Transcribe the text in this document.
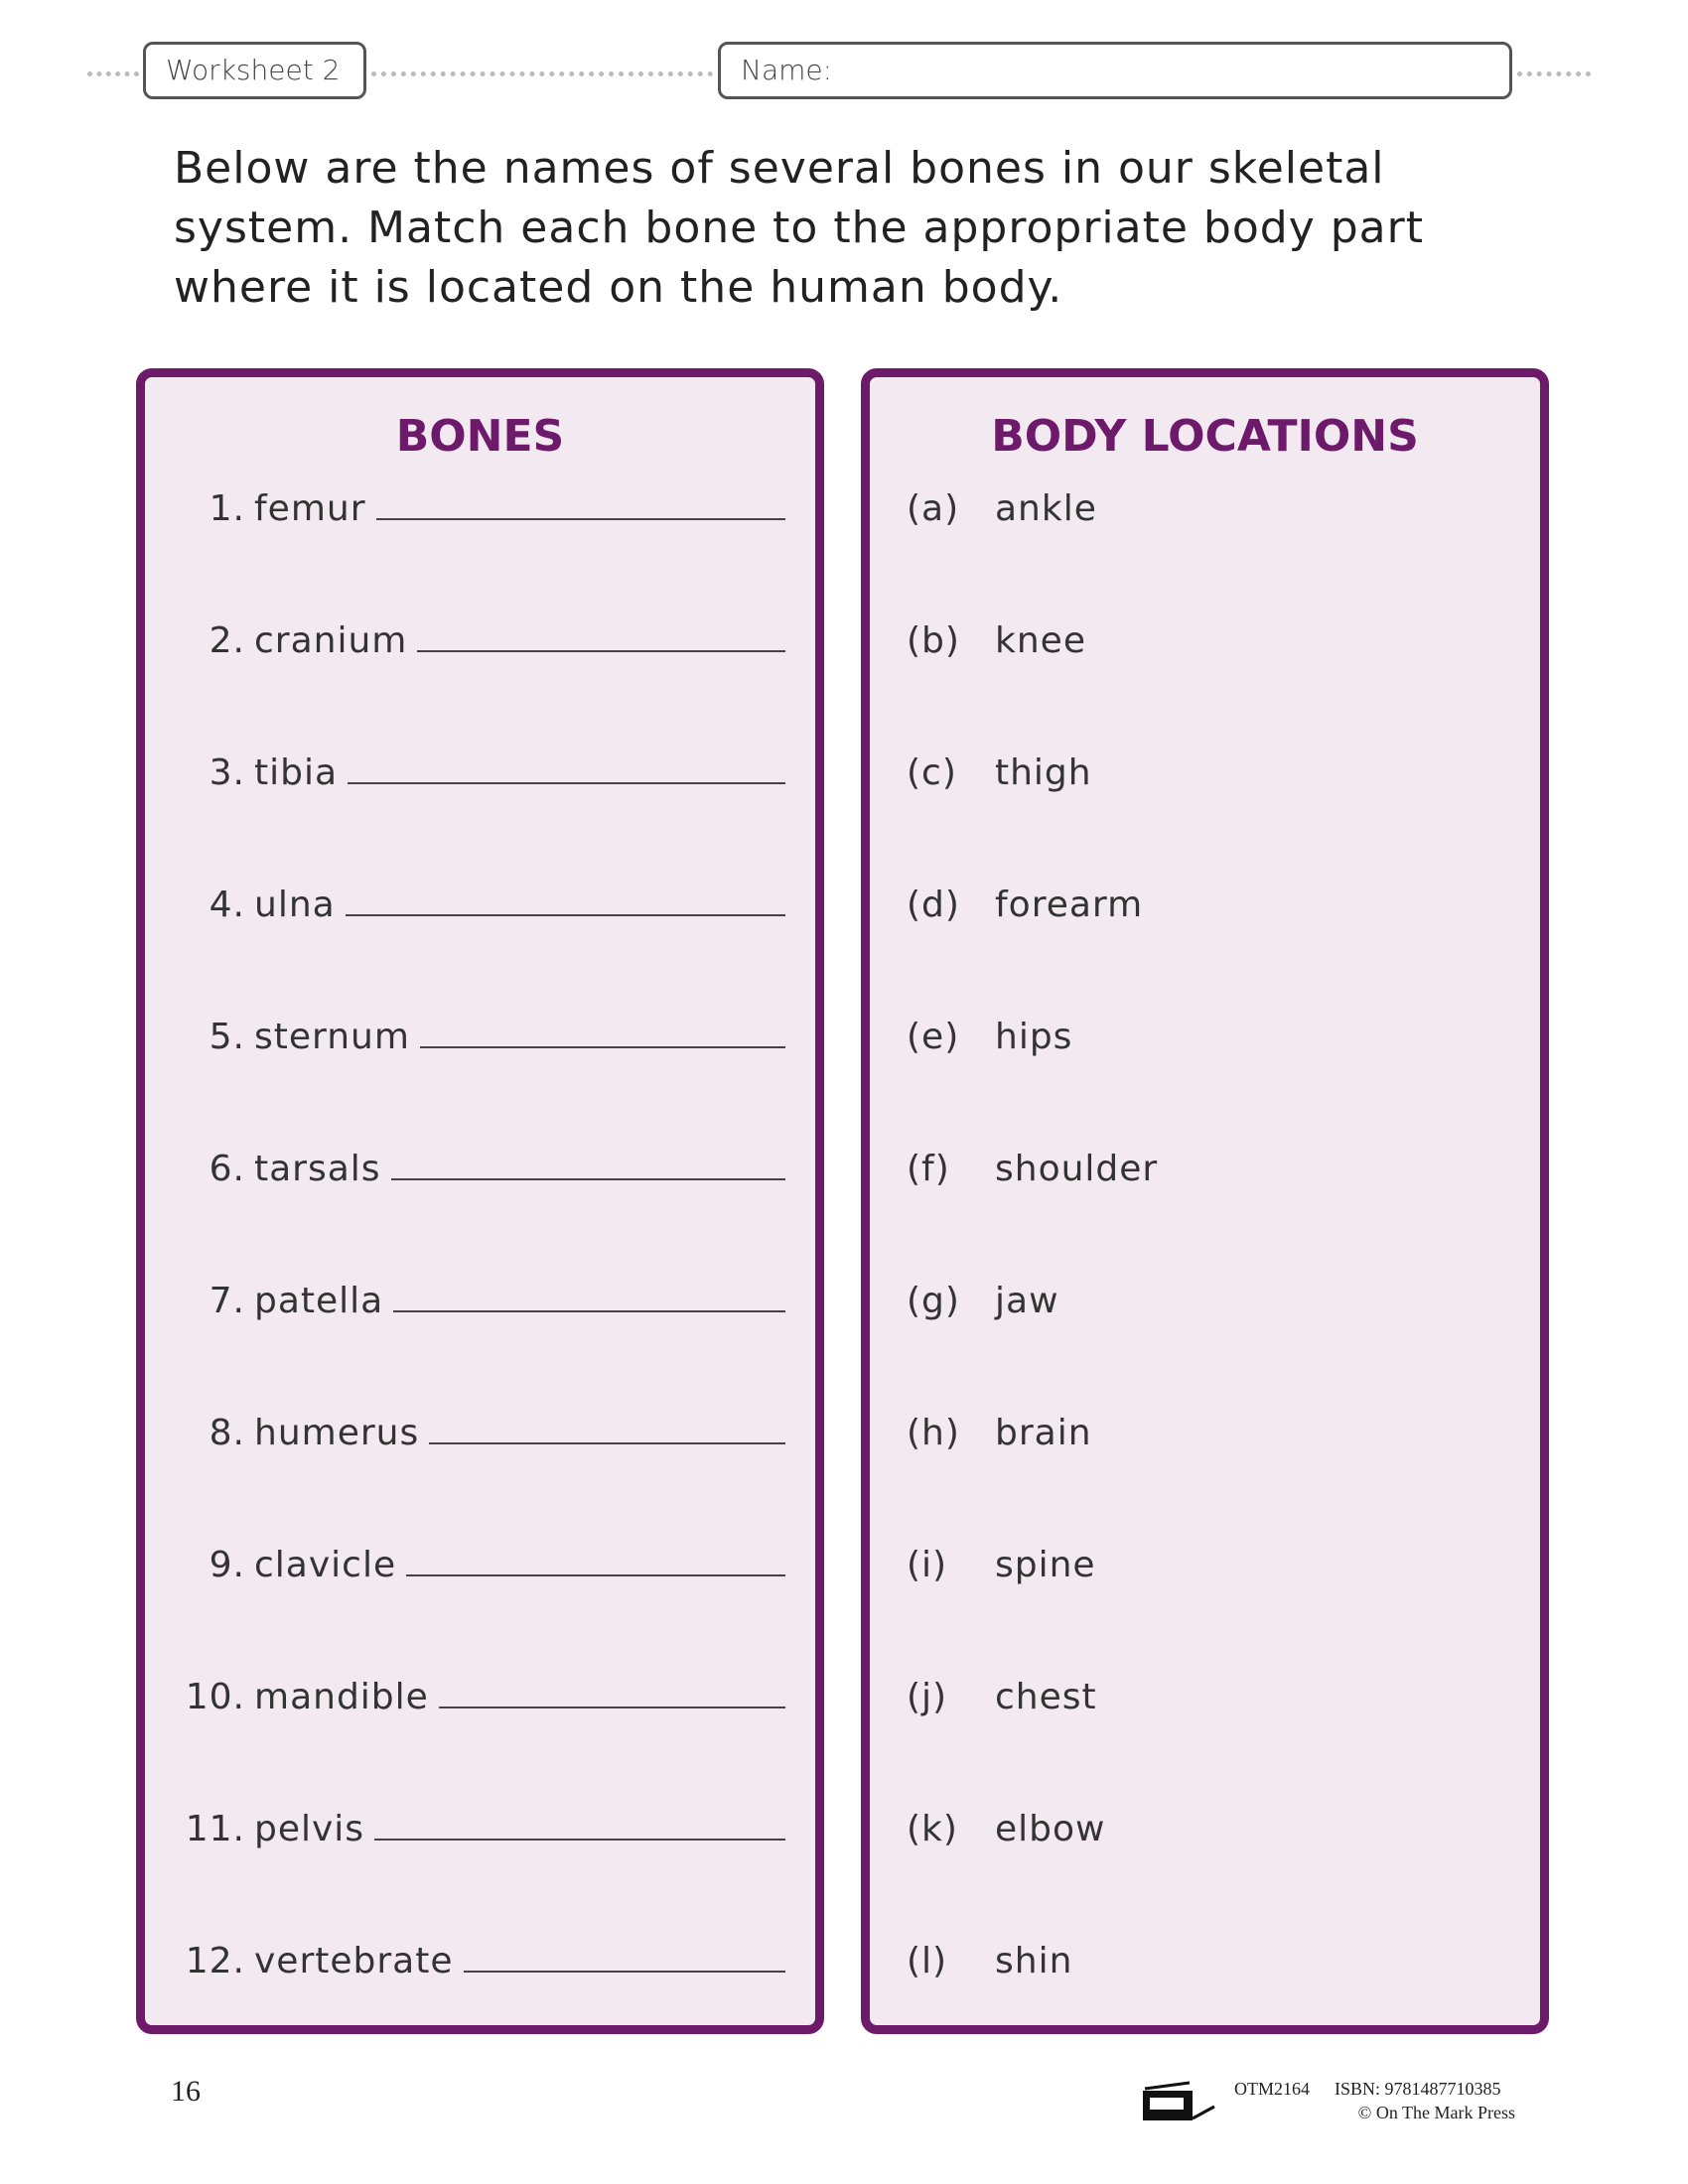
Worksheet 2	Name:
Below are the names of several bones in our skeletal system. Match each bone to the appropriate body part where it is located on the human body.
BONES
1. femur
2. cranium
3. tibia
4. ulna
5. sternum
6. tarsals
7. patella
8. humerus
9. clavicle
10. mandible
11. pelvis
12. vertebrate
BODY LOCATIONS
(a) ankle
(b) knee
(c) thigh
(d) forearm
(e) hips
(f) shoulder
(g) jaw
(h) brain
(i) spine
(j) chest
(k) elbow
(l) shin
16	OTM2164 ISBN: 9781487710385
© On The Mark Press
